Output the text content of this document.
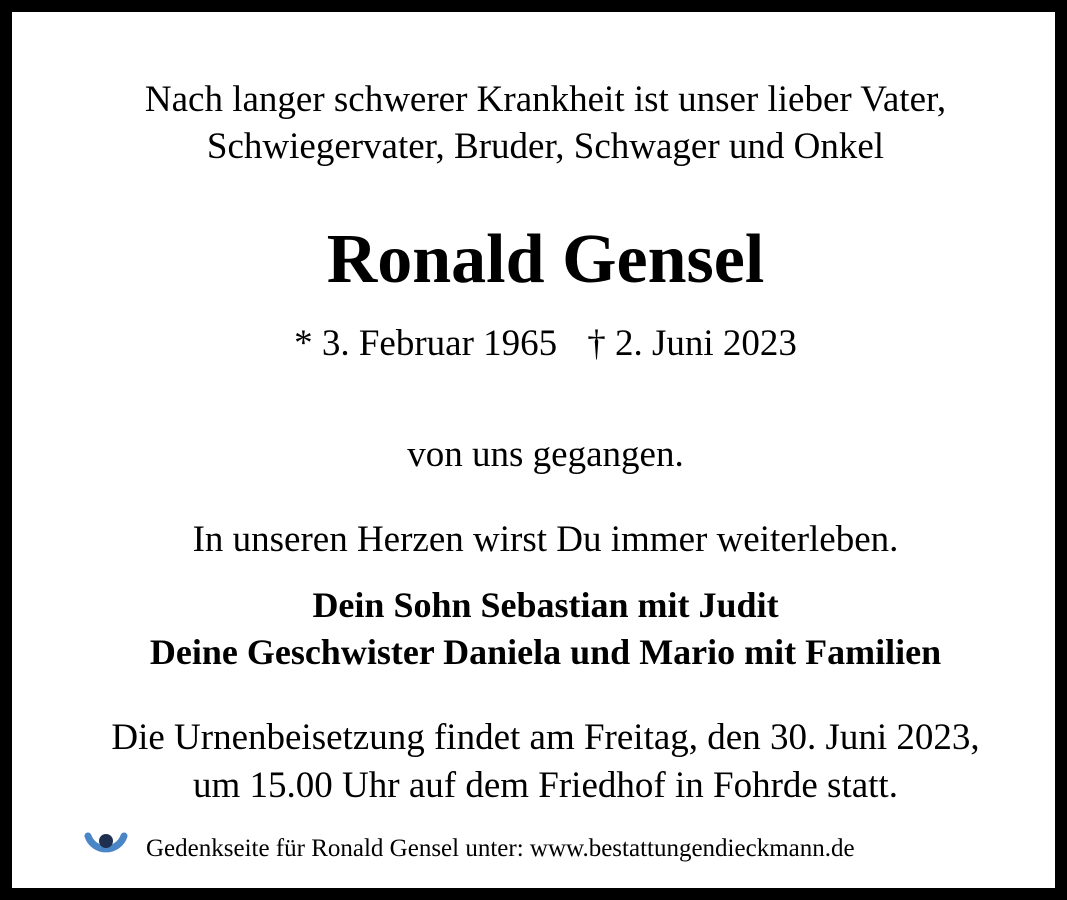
Nach langer schwerer Krankheit ist unser lieber Vater,

Schwiegervater, Bruder, Schwager und Onkel

Ronald Gensel

* 3. Februar 1965 † 2. Juni 2023

von uns gegangen.

In unseren Herzen wirst Du immer weiterleben.

Dein Sohn Sebastian mit Judit

Deine Geschwister Daniela und Mario mit Familien

Die Urnenbeisetzung findet am Freitag, den 30. Juni 2023,

um 15.00 Uhr auf dem Friedhof in Fohrde statt.

Gedenkseite für Ronald Gensel unter: www.bestattungendieckmann.de
